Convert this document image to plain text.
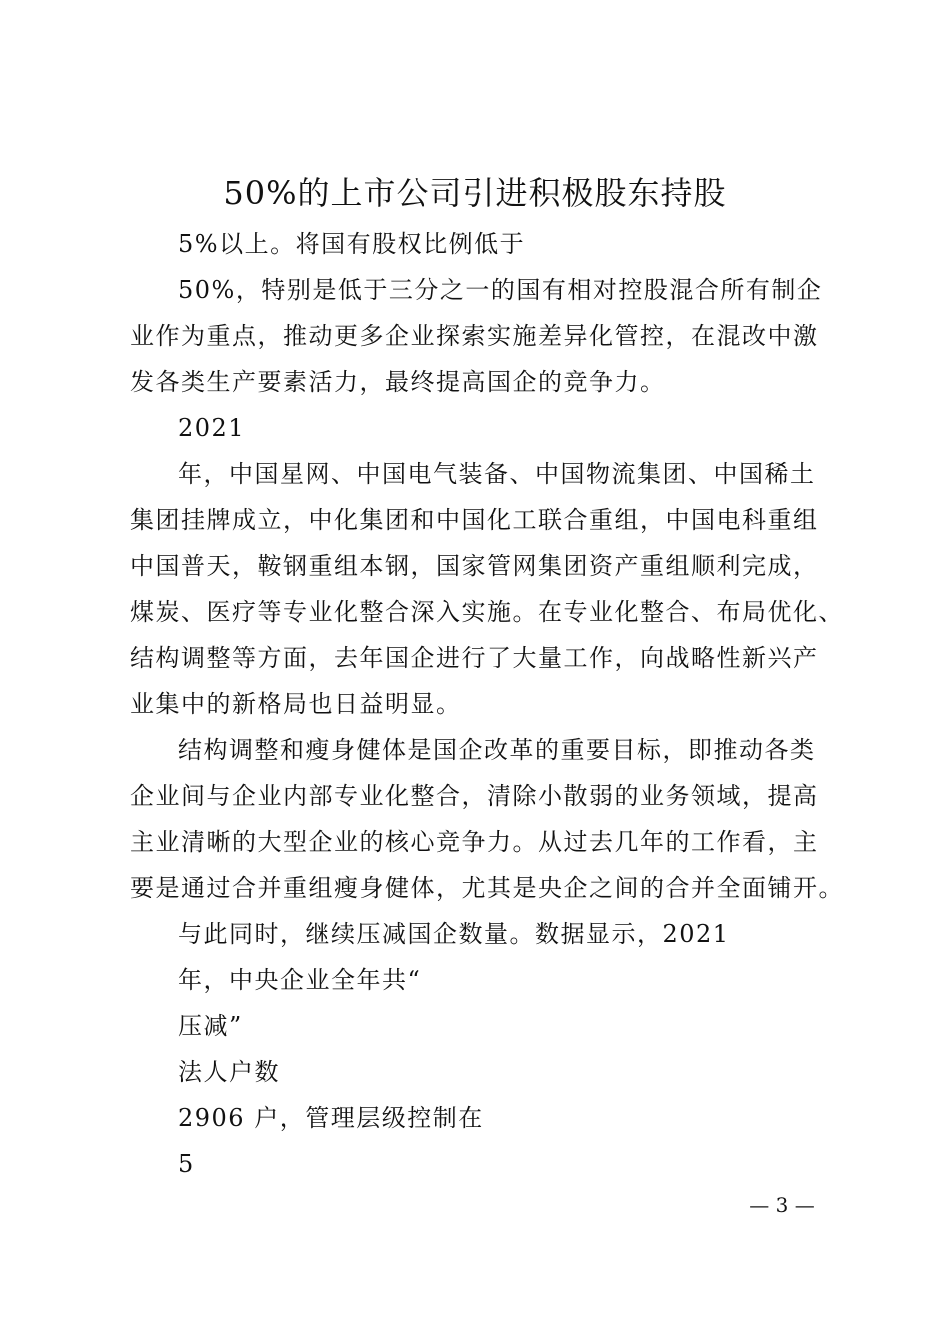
50%的上市公司引进积极股东持股
5%以上。将国有股权比例低于
50%，特别是低于三分之一的国有相对控股混合所有制企
业作为重点，推动更多企业探索实施差异化管控，在混改中激
发各类生产要素活力，最终提高国企的竞争力。
2021
年，中国星网、中国电气装备、中国物流集团、中国稀土
集团挂牌成立，中化集团和中国化工联合重组，中国电科重组
中国普天，鞍钢重组本钢，国家管网集团资产重组顺利完成，
煤炭、医疗等专业化整合深入实施。在专业化整合、布局优化、
结构调整等方面，去年国企进行了大量工作，向战略性新兴产
业集中的新格局也日益明显。
结构调整和瘦身健体是国企改革的重要目标，即推动各类
企业间与企业内部专业化整合，清除小散弱的业务领域，提高
主业清晰的大型企业的核心竞争力。从过去几年的工作看，主
要是通过合并重组瘦身健体，尤其是央企之间的合并全面铺开。
与此同时，继续压减国企数量。数据显示，2021
年，中央企业全年共“
压减”
法人户数
2906 户，管理层级控制在
5
— 3 —
